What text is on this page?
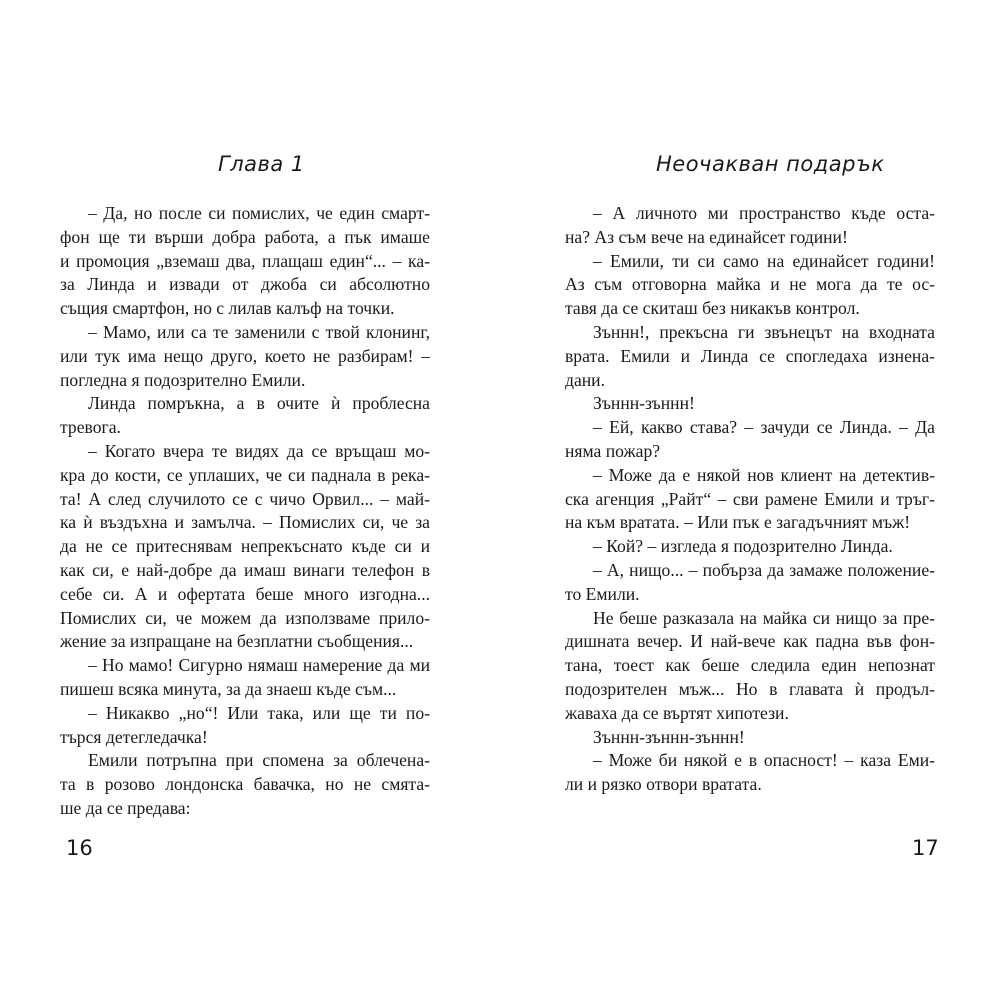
Глава 1
– Да, но после си помислих, че един смарт-
фон ще ти върши добра работа, а пък имаше
и промоция „вземаш два, плащаш един“... – ка-
за Линда и извади от джоба си абсолютно
същия смартфон, но с лилав калъф на точки.
– Мамо, или са те заменили с твой клонинг,
или тук има нещо друго, което не разбирам! –
погледна я подозрително Емили.
Линда помръкна, а в очите ѝ проблесна
тревога.
– Когато вчера те видях да се връщаш мо-
кра до кости, се уплаших, че си паднала в река-
та! А след случилото се с чичо Орвил... – май-
ка ѝ въздъхна и замълча. – Помислих си, че за
да не се притеснявам непрекъснато къде си и
как си, е най-добре да имаш винаги телефон в
себе си. А и офертата беше много изгодна...
Помислих си, че можем да използваме прило-
жение за изпращане на безплатни съобщения...
– Но мамо! Сигурно нямаш намерение да ми
пишеш всяка минута, за да знаеш къде съм...
– Никакво „но“! Или така, или ще ти по-
търся детегледачка!
Емили потръпна при спомена за облечена-
та в розово лондонска бавачка, но не смята-
ше да се предава:
16
Неочакван подарък
– А личното ми пространство къде оста-
на? Аз съм вече на единайсет години!
– Емили, ти си само на единайсет години!
Аз съм отговорна майка и не мога да те ос-
тавя да се скиташ без никакъв контрол.
Зъннн!, прекъсна ги звънецът на входната
врата. Емили и Линда се спогледаха изнена-
дани.
Зъннн-зъннн!
– Ей, какво става? – зачуди се Линда. – Да
няма пожар?
– Може да е някой нов клиент на детектив-
ска агенция „Райт“ – сви рамене Емили и тръг-
на към вратата. – Или пък е загадъчният мъж!
– Кой? – изгледа я подозрително Линда.
– А, нищо... – побърза да замаже положение-
то Емили.
Не беше разказала на майка си нищо за пре-
дишната вечер. И най-вече как падна във фон-
тана, тоест как беше следила един непознат
подозрителен мъж... Но в главата ѝ продъл-
жаваха да се въртят хипотези.
Зъннн-зъннн-зъннн!
– Може би някой е в опасност! – каза Еми-
ли и рязко отвори вратата.
17
